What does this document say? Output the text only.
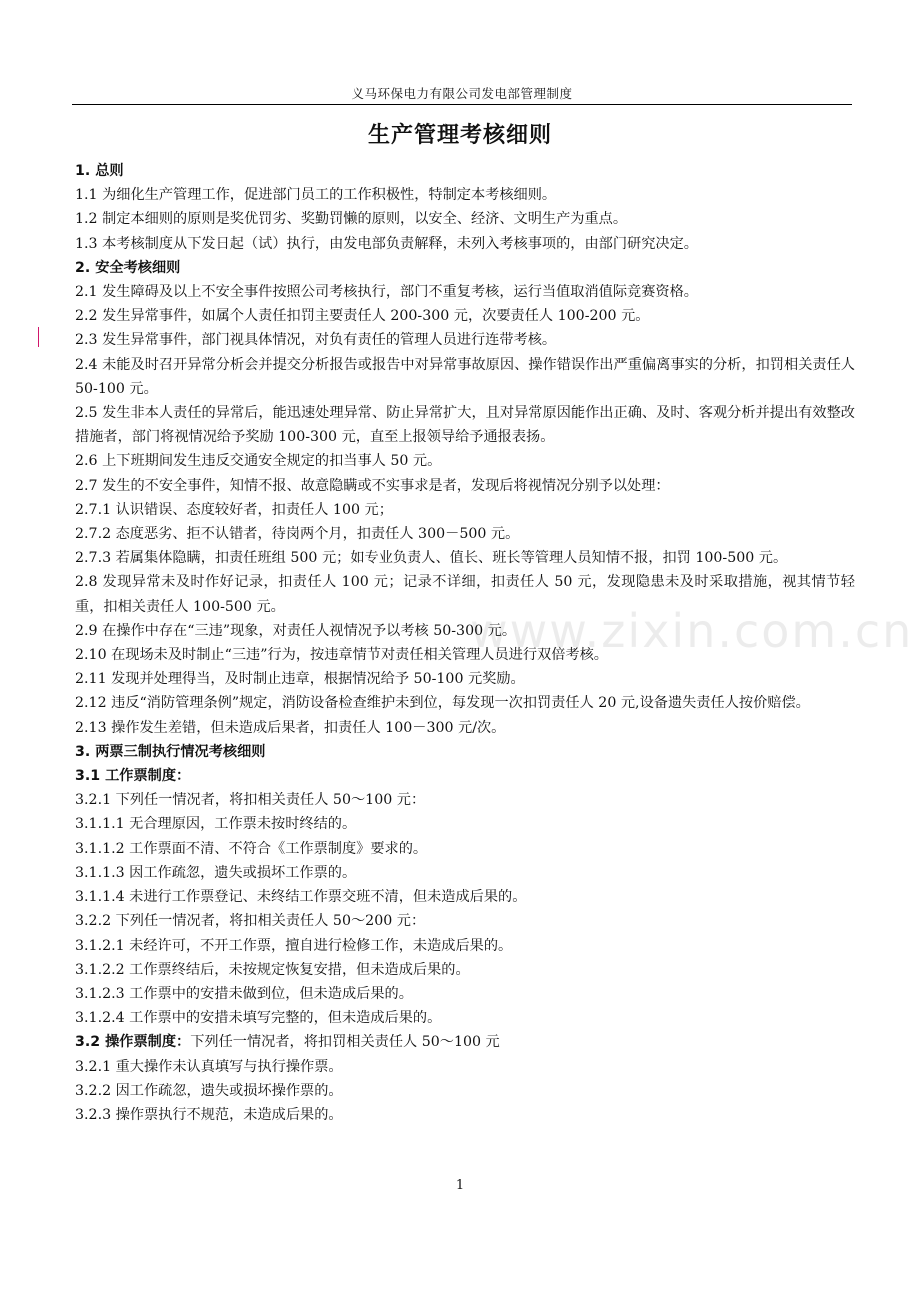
义马环保电力有限公司发电部管理制度
生产管理考核细则
www.zixin.com.cn

1. 总则

1.1 为细化生产管理工作，促进部门员工的工作积极性，特制定本考核细则。

1.2 制定本细则的原则是奖优罚劣、奖勤罚懒的原则，以安全、经济、文明生产为重点。

1.3 本考核制度从下发日起（试）执行，由发电部负责解释，未列入考核事项的，由部门研究决定。

2. 安全考核细则

2.1 发生障碍及以上不安全事件按照公司考核执行，部门不重复考核，运行当值取消值际竞赛资格。

2.2 发生异常事件，如属个人责任扣罚主要责任人 200-300 元，次要责任人 100-200 元。

2.3 发生异常事件，部门视具体情况，对负有责任的管理人员进行连带考核。

2.4 未能及时召开异常分析会并提交分析报告或报告中对异常事故原因、操作错误作出严重偏离事实的分析，扣罚相关责任人 50-100 元。

2.5 发生非本人责任的异常后，能迅速处理异常、防止异常扩大，且对异常原因能作出正确、及时、客观分析并提出有效整改措施者，部门将视情况给予奖励 100-300 元，直至上报领导给予通报表扬。

2.6 上下班期间发生违反交通安全规定的扣当事人 50 元。

2.7 发生的不安全事件，知情不报、故意隐瞒或不实事求是者，发现后将视情况分别予以处理：

2.7.1 认识错误、态度较好者，扣责任人 100 元；

2.7.2 态度恶劣、拒不认错者，待岗两个月，扣责任人 300－500 元。

2.7.3 若属集体隐瞒，扣责任班组 500 元；如专业负责人、值长、班长等管理人员知情不报，扣罚 100-500 元。

2.8 发现异常未及时作好记录，扣责任人 100 元；记录不详细，扣责任人 50 元，发现隐患未及时采取措施，视其情节轻重，扣相关责任人 100-500 元。

2.9 在操作中存在“三违”现象，对责任人视情况予以考核 50-300 元。

2.10 在现场未及时制止“三违”行为，按违章情节对责任相关管理人员进行双倍考核。

2.11 发现并处理得当，及时制止违章，根据情况给予 50-100 元奖励。

2.12 违反“消防管理条例”规定，消防设备检查维护未到位，每发现一次扣罚责任人 20 元,设备遗失责任人按价赔偿。

2.13 操作发生差错，但未造成后果者，扣责任人 100－300 元/次。

3. 两票三制执行情况考核细则

3.1 工作票制度：

3.2.1 下列任一情况者，将扣相关责任人 50～100 元：

3.1.1.1 无合理原因，工作票未按时终结的。

3.1.1.2 工作票面不清、不符合《工作票制度》要求的。

3.1.1.3 因工作疏忽，遗失或损坏工作票的。

3.1.1.4 未进行工作票登记、未终结工作票交班不清，但未造成后果的。

3.2.2 下列任一情况者，将扣相关责任人 50～200 元：

3.1.2.1 未经许可，不开工作票，擅自进行检修工作，未造成后果的。

3.1.2.2 工作票终结后，未按规定恢复安措，但未造成后果的。

3.1.2.3 工作票中的安措未做到位，但未造成后果的。

3.1.2.4 工作票中的安措未填写完整的，但未造成后果的。

3.2 操作票制度：下列任一情况者，将扣罚相关责任人 50～100 元

3.2.1 重大操作未认真填写与执行操作票。

3.2.2 因工作疏忽，遗失或损坏操作票的。

3.2.3 操作票执行不规范，未造成后果的。

1
